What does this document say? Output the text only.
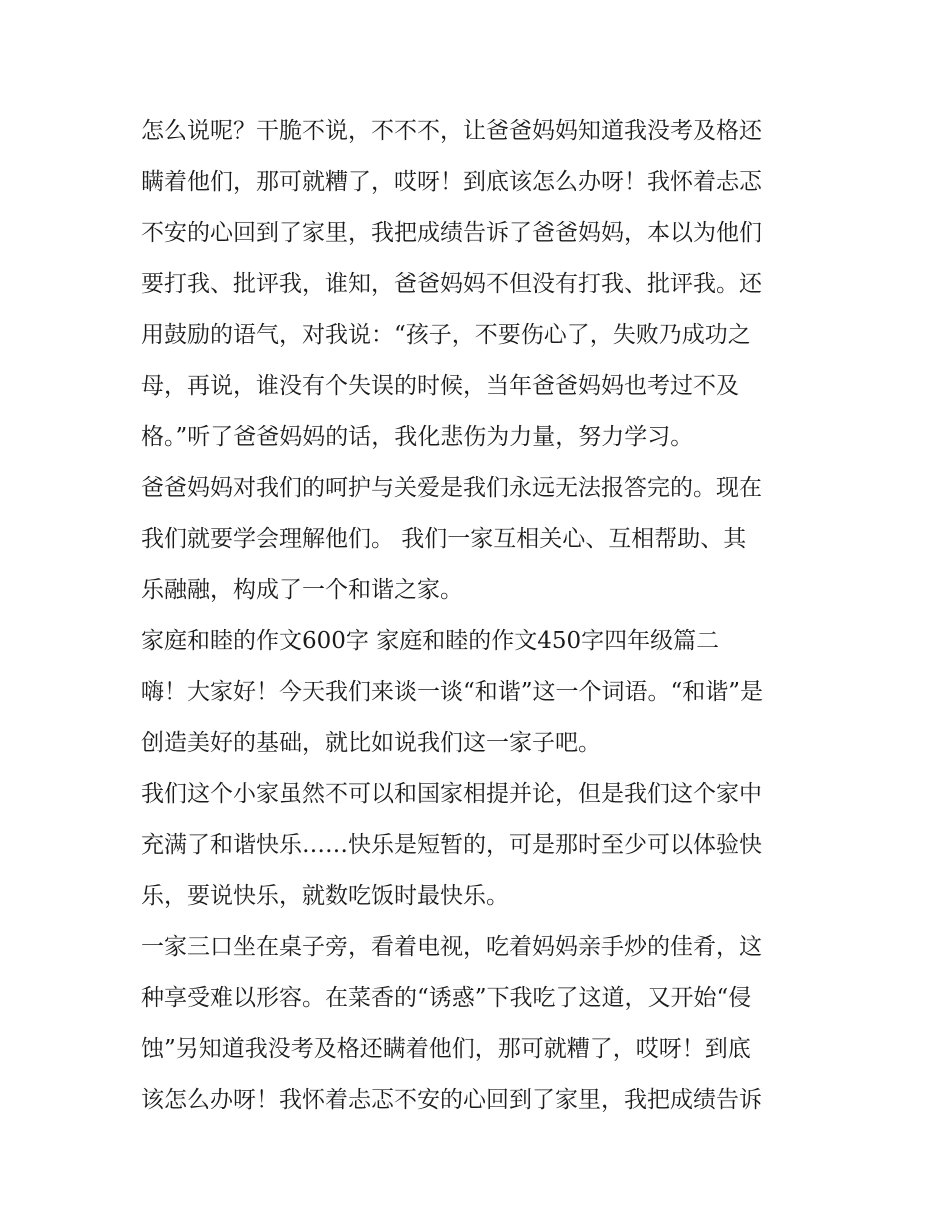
怎么说呢？干脆不说，不不不，让爸爸妈妈知道我没考及格还
瞒着他们，那可就糟了，哎呀！到底该怎么办呀！我怀着忐忑
不安的心回到了家里，我把成绩告诉了爸爸妈妈，本以为他们
要打我、批评我，谁知，爸爸妈妈不但没有打我、批评我。还
用鼓励的语气，对我说：“孩子，不要伤心了，失败乃成功之
母，再说，谁没有个失误的时候，当年爸爸妈妈也考过不及
格。”听了爸爸妈妈的话，我化悲伤为力量，努力学习。
爸爸妈妈对我们的呵护与关爱是我们永远无法报答完的。现在
我们就要学会理解他们。 我们一家互相关心、互相帮助、其
乐融融，构成了一个和谐之家。
家庭和睦的作文600字 家庭和睦的作文450字四年级篇二
嗨！大家好！今天我们来谈一谈“和谐”这一个词语。“和谐”是
创造美好的基础，就比如说我们这一家子吧。
我们这个小家虽然不可以和国家相提并论，但是我们这个家中
充满了和谐快乐……快乐是短暂的，可是那时至少可以体验快
乐，要说快乐，就数吃饭时最快乐。
一家三口坐在桌子旁，看着电视，吃着妈妈亲手炒的佳肴，这
种享受难以形容。在菜香的“诱惑”下我吃了这道，又开始“侵
蚀”另知道我没考及格还瞒着他们，那可就糟了，哎呀！到底
该怎么办呀！我怀着忐忑不安的心回到了家里，我把成绩告诉
